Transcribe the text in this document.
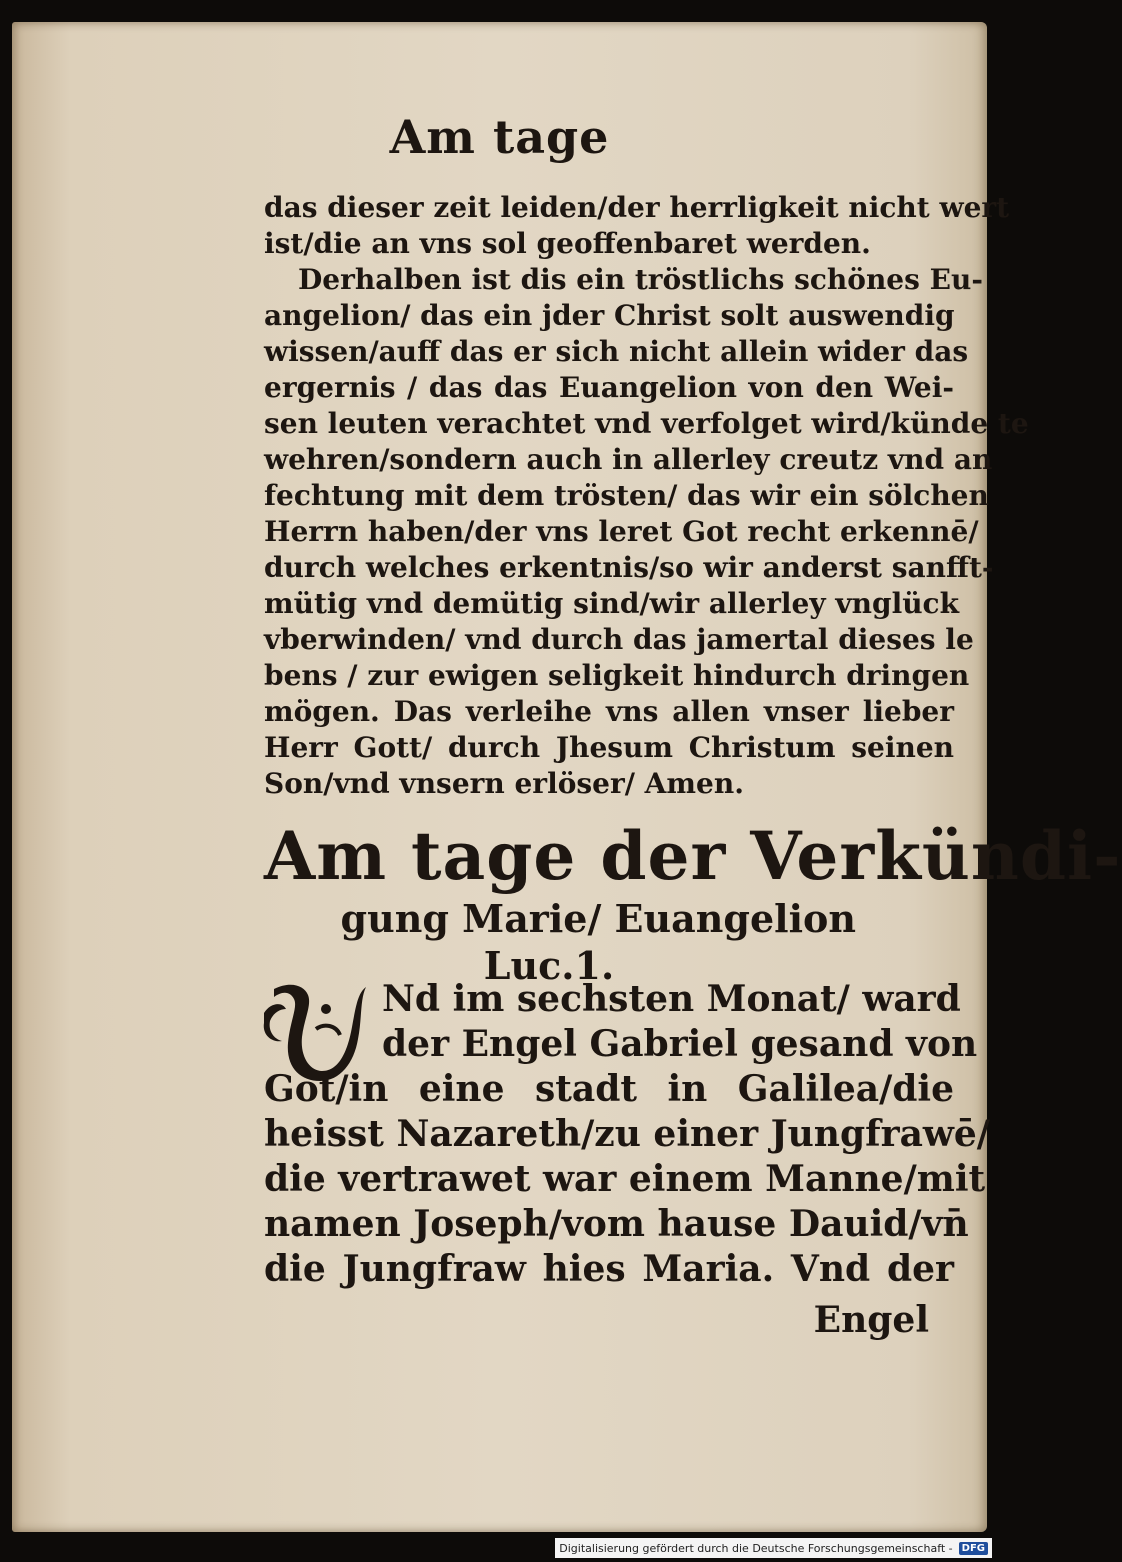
Am tage
das dieser zeit leiden/der herrligkeit nicht wert
ist/die an vns sol geoffenbaret werden.
Derhalben ist dis ein tröstlichs schönes Eu-
angelion/ das ein jder Christ solt auswendig
wissen/auff das er sich nicht allein wider das
ergernis / das das Euangelion von den Wei-
sen leuten verachtet vnd verfolget wird/künde te
wehren/sondern auch in allerley creutz vnd an
fechtung mit dem trösten/ das wir ein sölchen
Herrn haben/der vns leret Got recht erkennē/
durch welches erkentnis/so wir anderst sanfft-
mütig vnd demütig sind/wir allerley vnglück
vberwinden/ vnd durch das jamertal dieses le
bens / zur ewigen seligkeit hindurch dringen
mögen. Das verleihe vns allen vnser lieber
Herr Gott/ durch Jhesum Christum seinen
Son/vnd vnsern erlöser/ Amen.
Am tage der Verkündi-
gung Marie/ Euangelion
Luc.1.
V
Nd im sechsten Monat/ ward
der Engel Gabriel gesand von
Got/in eine stadt in Galilea/die
heisst Nazareth/zu einer Jungfrawē/
die vertrawet war einem Manne/mit
namen Joseph/vom hause Dauid/vn̄
die Jungfraw hies Maria. Vnd der
Engel
Digitalisierung gefördert durch die Deutsche Forschungsgemeinschaft - DFG
